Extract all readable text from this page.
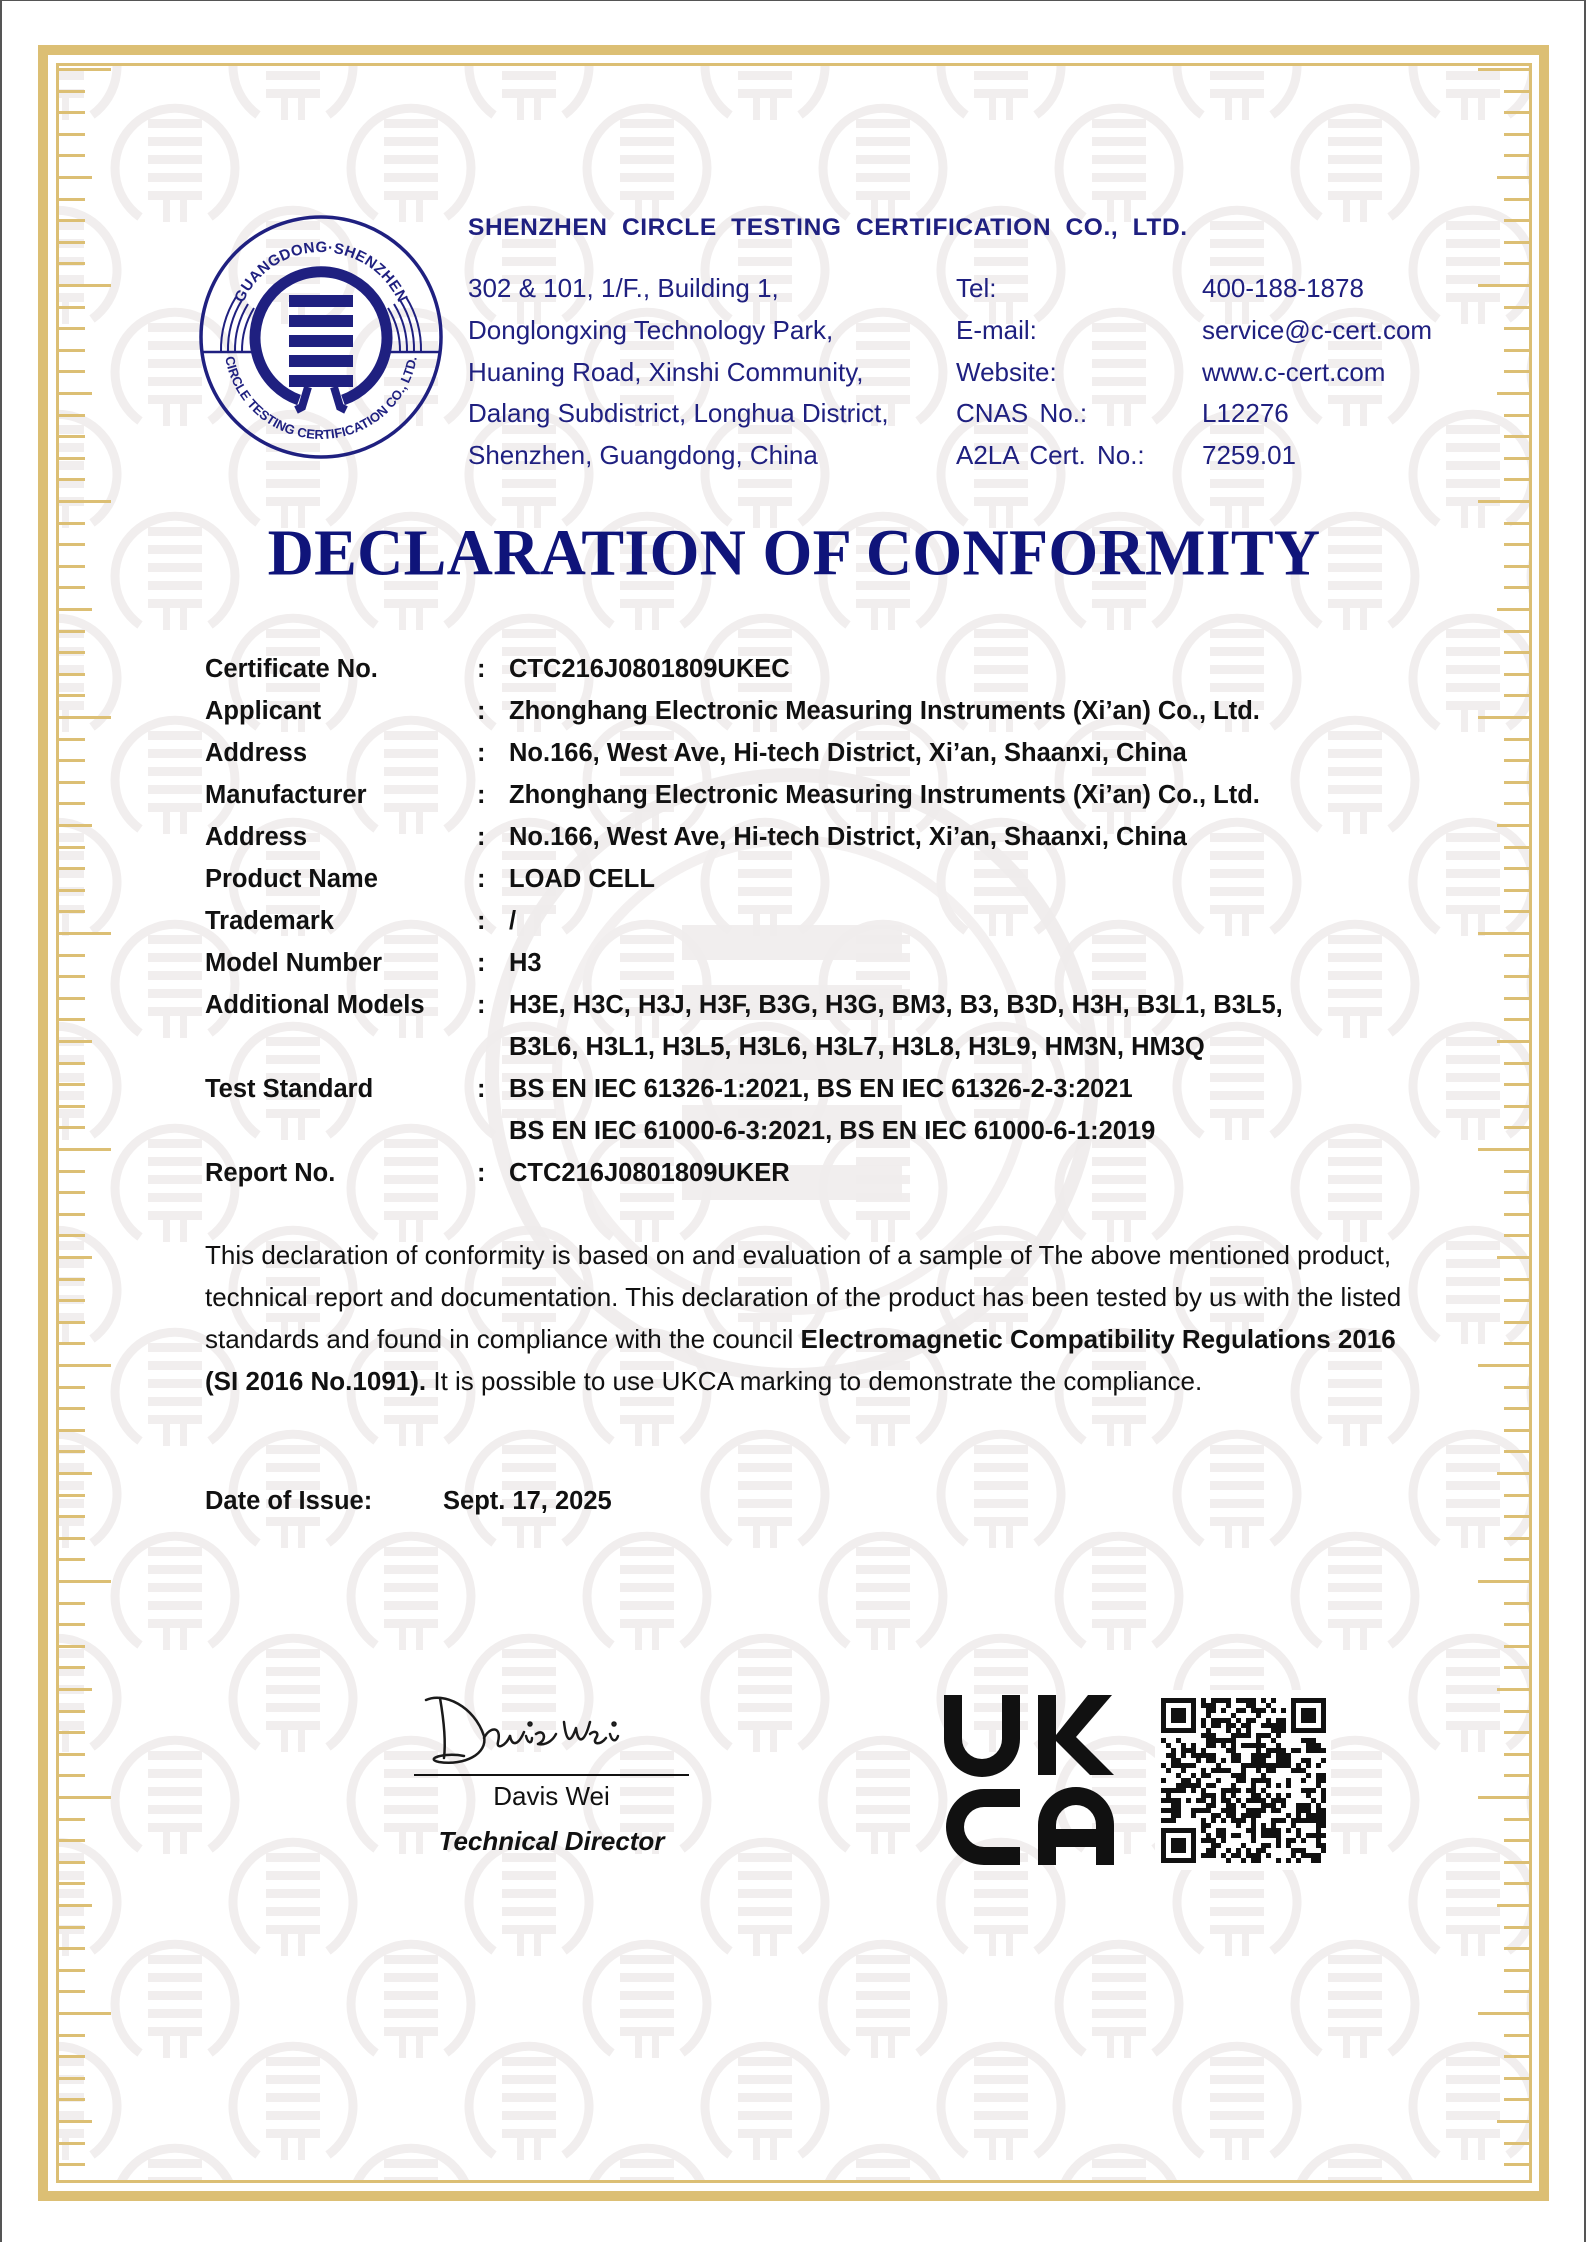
GUANGDONG·SHENZHEN
CIRCLE TESTING CERTIFICATION CO., LTD.
SHENZHEN CIRCLE TESTING CERTIFICATION CO., LTD.
302 & 101, 1/F., Building 1,
Donglongxing Technology Park,
Huaning Road, Xinshi Community,
Dalang Subdistrict, Longhua District,
Shenzhen, Guangdong, China
Tel:	400-188-1878
E-mail:	service@c-cert.com
Website:	www.c-cert.com
CNAS No.:	L12276
A2LA Cert. No.:	7259.01
DECLARATION OF CONFORMITY
Certificate No.	: CTC216J0801809UKEC
Applicant	: Zhonghang Electronic Measuring Instruments (Xi’an) Co., Ltd.
Address	: No.166, West Ave, Hi-tech District, Xi’an, Shaanxi, China
Manufacturer	: Zhonghang Electronic Measuring Instruments (Xi’an) Co., Ltd.
Address	: No.166, West Ave, Hi-tech District, Xi’an, Shaanxi, China
Product Name	: LOAD CELL
Trademark	: /
Model Number	: H3
Additional Models	: H3E, H3C, H3J, H3F, B3G, H3G, BM3, B3, B3D, H3H, B3L1, B3L5,
B3L6, H3L1, H3L5, H3L6, H3L7, H3L8, H3L9, HM3N, HM3Q
Test Standard	: BS EN IEC 61326-1:2021, BS EN IEC 61326-2-3:2021
BS EN IEC 61000-6-3:2021, BS EN IEC 61000-6-1:2019
Report No.	: CTC216J0801809UKER
This declaration of conformity is based on and evaluation of a sample of The above mentioned product, technical report and documentation. This declaration of the product has been tested by us with the listed standards and found in compliance with the council Electromagnetic Compatibility Regulations 2016 (SI 2016 No.1091). It is possible to use UKCA marking to demonstrate the compliance.
Date of Issue:	Sept. 17, 2025
Davis Wei
Technical Director
